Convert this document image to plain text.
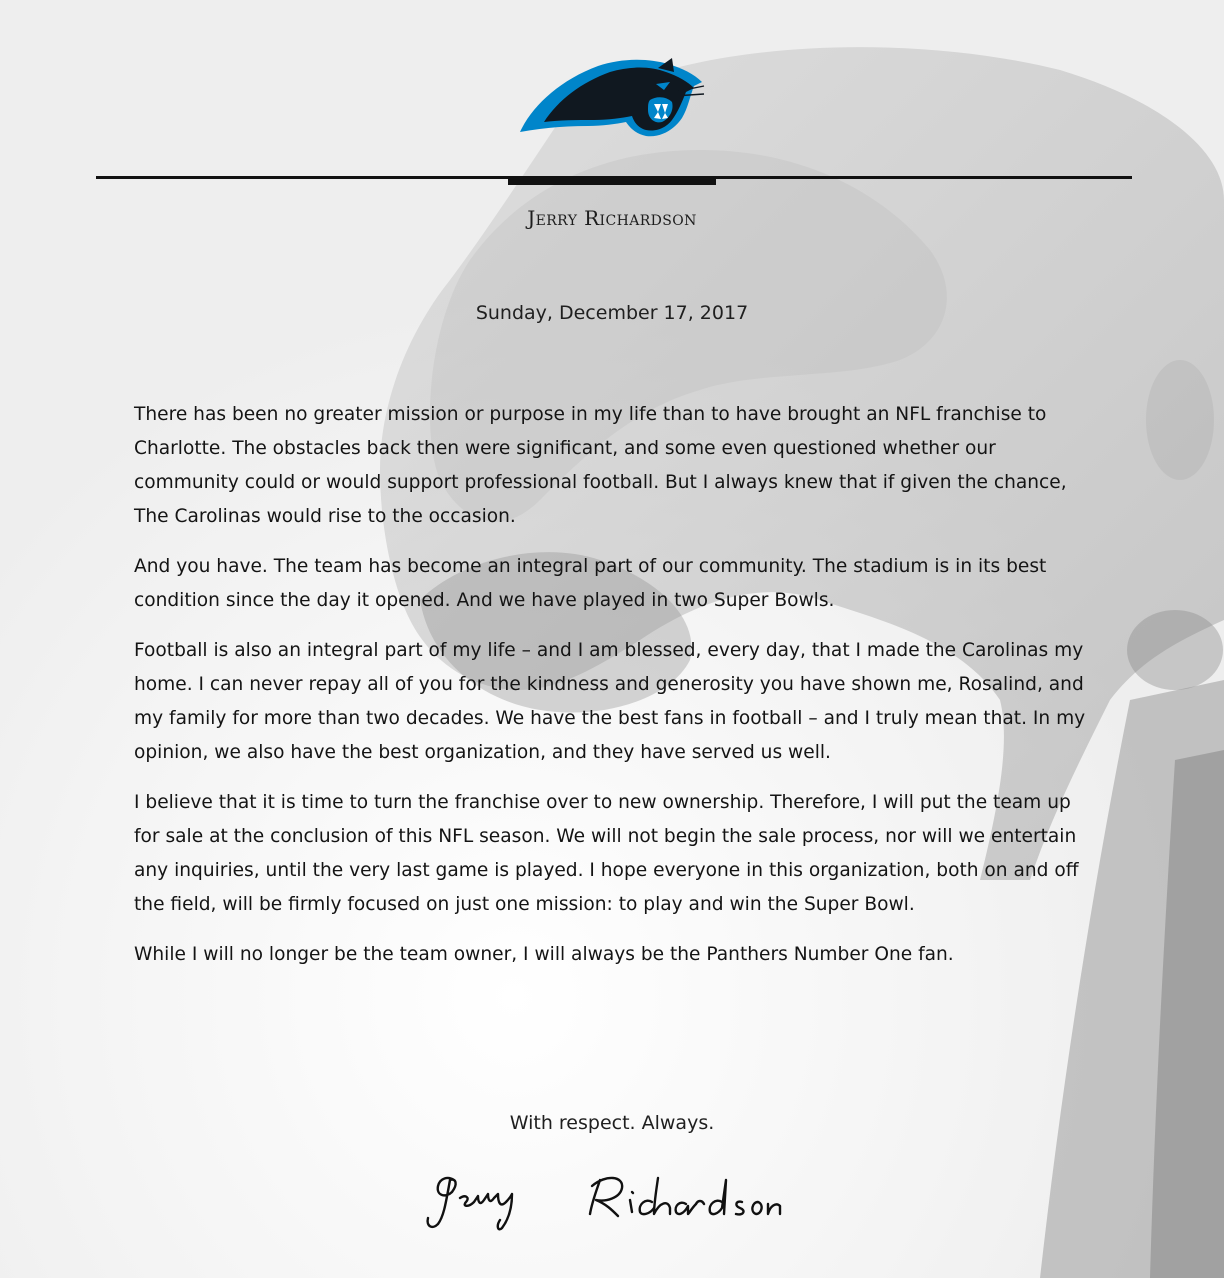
Jerry Richardson
Sunday, December 17, 2017

There has been no greater mission or purpose in my life than to have brought an NFL franchise to Charlotte. The obstacles back then were significant, and some even questioned whether our community could or would support professional football. But I always knew that if given the chance, The Carolinas would rise to the occasion.

And you have. The team has become an integral part of our community. The stadium is in its best condition since the day it opened. And we have played in two Super Bowls.

Football is also an integral part of my life – and I am blessed, every day, that I made the Carolinas my home. I can never repay all of you for the kindness and generosity you have shown me, Rosalind, and my family for more than two decades. We have the best fans in football – and I truly mean that. In my opinion, we also have the best organization, and they have served us well.

I believe that it is time to turn the franchise over to new ownership. Therefore, I will put the team up for sale at the conclusion of this NFL season. We will not begin the sale process, nor will we entertain any inquiries, until the very last game is played. I hope everyone in this organization, both on and off the field, will be firmly focused on just one mission: to play and win the Super Bowl.

While I will no longer be the team owner, I will always be the Panthers Number One fan.

With respect. Always.
